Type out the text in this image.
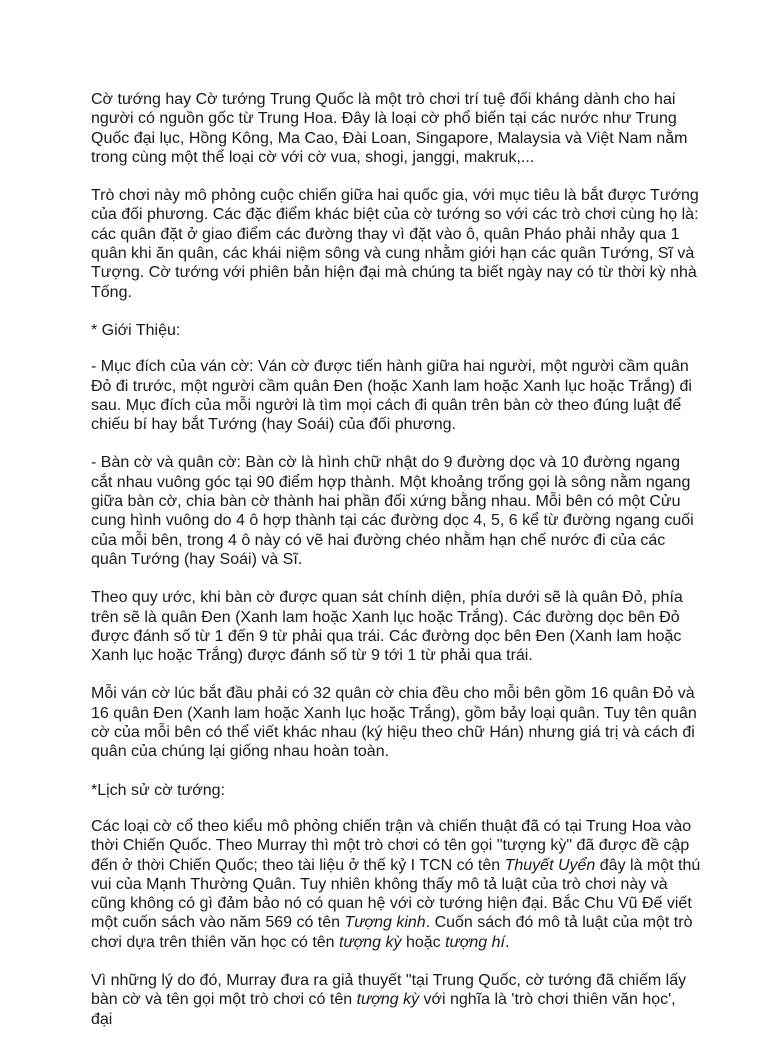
Cờ tướng hay Cờ tướng Trung Quốc là một trò chơi trí tuệ đối kháng dành cho hai người có nguồn gốc từ Trung Hoa. Đây là loại cờ phổ biến tại các nước như Trung Quốc đại lục, Hồng Kông, Ma Cao, Đài Loan, Singapore, Malaysia và Việt Nam nằm trong cùng một thể loại cờ với cờ vua, shogi, janggi, makruk,...

Trò chơi này mô phỏng cuộc chiến giữa hai quốc gia, với mục tiêu là bắt được Tướng của đối phương. Các đặc điểm khác biệt của cờ tướng so với các trò chơi cùng họ là: các quân đặt ở giao điểm các đường thay vì đặt vào ô, quân Pháo phải nhảy qua 1 quân khi ăn quân, các khái niệm sông và cung nhằm giới hạn các quân Tướng, Sĩ và Tượng. Cờ tướng với phiên bản hiện đại mà chúng ta biết ngày nay có từ thời kỳ nhà Tống.

* Giới Thiệu:

- Mục đích của ván cờ: Ván cờ được tiến hành giữa hai người, một người cầm quân Đỏ đi trước, một người cầm quân Đen (hoặc Xanh lam hoặc Xanh lục hoặc Trắng) đi sau. Mục đích của mỗi người là tìm mọi cách đi quân trên bàn cờ theo đúng luật để chiếu bí hay bắt Tướng (hay Soái) của đối phương.

- Bàn cờ và quân cờ: Bàn cờ là hình chữ nhật do 9 đường dọc và 10 đường ngang cắt nhau vuông góc tại 90 điểm hợp thành. Một khoảng trống gọi là sông nằm ngang giữa bàn cờ, chia bàn cờ thành hai phần đối xứng bằng nhau. Mỗi bên có một Cửu cung hình vuông do 4 ô hợp thành tại các đường dọc 4, 5, 6 kể từ đường ngang cuối của mỗi bên, trong 4 ô này có vẽ hai đường chéo nhằm hạn chế nước đi của các quân Tướng (hay Soái) và Sĩ.

Theo quy ước, khi bàn cờ được quan sát chính diện, phía dưới sẽ là quân Đỏ, phía trên sẽ là quân Đen (Xanh lam hoặc Xanh lục hoặc Trắng). Các đường dọc bên Đỏ được đánh số từ 1 đến 9 từ phải qua trái. Các đường dọc bên Đen (Xanh lam hoặc Xanh lục hoặc Trắng) được đánh số từ 9 tới 1 từ phải qua trái.

Mỗi ván cờ lúc bắt đầu phải có 32 quân cờ chia đều cho mỗi bên gồm 16 quân Đỏ và 16 quân Đen (Xanh lam hoặc Xanh lục hoặc Trắng), gồm bảy loại quân. Tuy tên quân cờ của mỗi bên có thể viết khác nhau (ký hiệu theo chữ Hán) nhưng giá trị và cách đi quân của chúng lại giống nhau hoàn toàn.

*Lịch sử cờ tướng:

Các loại cờ cổ theo kiểu mô phỏng chiến trận và chiến thuật đã có tại Trung Hoa vào thời Chiến Quốc. Theo Murray thì một trò chơi có tên gọi "tượng kỳ" đã được đề cập đến ở thời Chiến Quốc; theo tài liệu ở thế kỷ I TCN có tên Thuyết Uyển đây là một thú vui của Mạnh Thường Quân. Tuy nhiên không thấy mô tả luật của trò chơi này và cũng không có gì đảm bảo nó có quan hệ với cờ tướng hiện đại. Bắc Chu Vũ Đế viết một cuốn sách vào năm 569 có tên Tượng kinh. Cuốn sách đó mô tả luật của một trò chơi dựa trên thiên văn học có tên tượng kỳ hoặc tượng hí.

Vì những lý do đó, Murray đưa ra giả thuyết "tại Trung Quốc, cờ tướng đã chiếm lấy bàn cờ và tên gọi một trò chơi có tên tượng kỳ với nghĩa là 'trò chơi thiên văn học', đại
